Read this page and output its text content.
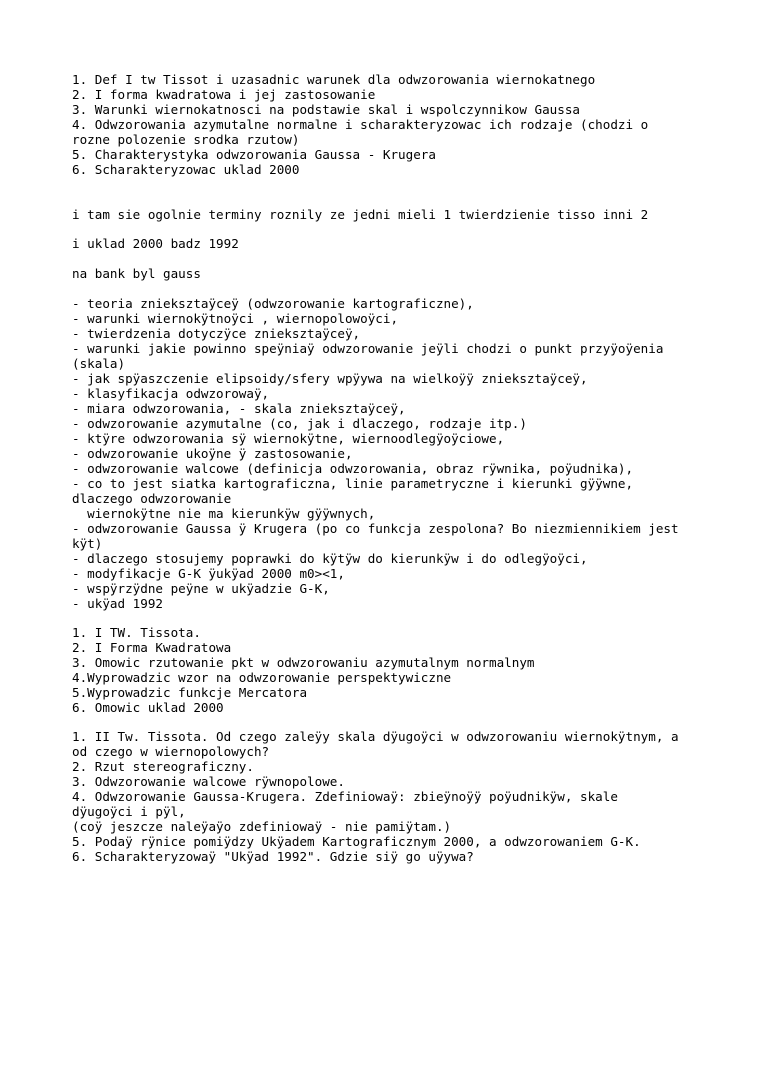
1. Def I tw Tissot i uzasadnic warunek dla odwzorowania wiernokatnego
2. I forma kwadratowa i jej zastosowanie
3. Warunki wiernokatnosci na podstawie skal i wspolczynnikow Gaussa
4. Odwzorowania azymutalne normalne i scharakteryzowac ich rodzaje (chodzi o
rozne polozenie srodka rzutow)
5. Charakterystyka odwzorowania Gaussa - Krugera
6. Scharakteryzowac uklad 2000
i tam sie ogolnie terminy roznily ze jedni mieli 1 twierdzienie tisso inni 2
i uklad 2000 badz 1992
na bank byl gauss
- teoria znieksztaÿceÿ (odwzorowanie kartograficzne),
- warunki wiernokÿtnoÿci , wiernopolowoÿci,
- twierdzenia dotyczÿce znieksztaÿceÿ,
- warunki jakie powinno speÿniaÿ odwzorowanie jeÿli chodzi o punkt przyÿoÿenia
(skala)
- jak spÿaszczenie elipsoidy/sfery wpÿywa na wielkoÿÿ znieksztaÿceÿ,
- klasyfikacja odwzorowaÿ,
- miara odwzorowania, - skala znieksztaÿceÿ,
- odwzorowanie azymutalne (co, jak i dlaczego, rodzaje itp.)
- ktÿre odwzorowania sÿ wiernokÿtne, wiernoodlegÿoÿciowe,
- odwzorowanie ukoÿne ÿ zastosowanie,
- odwzorowanie walcowe (definicja odwzorowania, obraz rÿwnika, poÿudnika),
- co to jest siatka kartograficzna, linie parametryczne i kierunki gÿÿwne,
dlaczego odwzorowanie
wiernokÿtne nie ma kierunkÿw gÿÿwnych,
- odwzorowanie Gaussa ÿ Krugera (po co funkcja zespolona? Bo niezmiennikiem jest
kÿt)
- dlaczego stosujemy poprawki do kÿtÿw do kierunkÿw i do odlegÿoÿci,
- modyfikacje G-K ÿukÿad 2000 m0><1,
- wspÿrzÿdne peÿne w ukÿadzie G-K,
- ukÿad 1992
1. I TW. Tissota.
2. I Forma Kwadratowa
3. Omowic rzutowanie pkt w odwzorowaniu azymutalnym normalnym
4.Wyprowadzic wzor na odwzorowanie perspektywiczne
5.Wyprowadzic funkcje Mercatora
6. Omowic uklad 2000
1. II Tw. Tissota. Od czego zaleÿy skala dÿugoÿci w odwzorowaniu wiernokÿtnym, a
od czego w wiernopolowych?
2. Rzut stereograficzny.
3. Odwzorowanie walcowe rÿwnopolowe.
4. Odwzorowanie Gaussa-Krugera. Zdefiniowaÿ: zbieÿnoÿÿ poÿudnikÿw, skale
dÿugoÿci i pÿl,
(coÿ jeszcze naleÿaÿo zdefiniowaÿ - nie pamiÿtam.)
5. Podaÿ rÿnice pomiÿdzy Ukÿadem Kartograficznym 2000, a odwzorowaniem G-K.
6. Scharakteryzowaÿ "Ukÿad 1992". Gdzie siÿ go uÿywa?
